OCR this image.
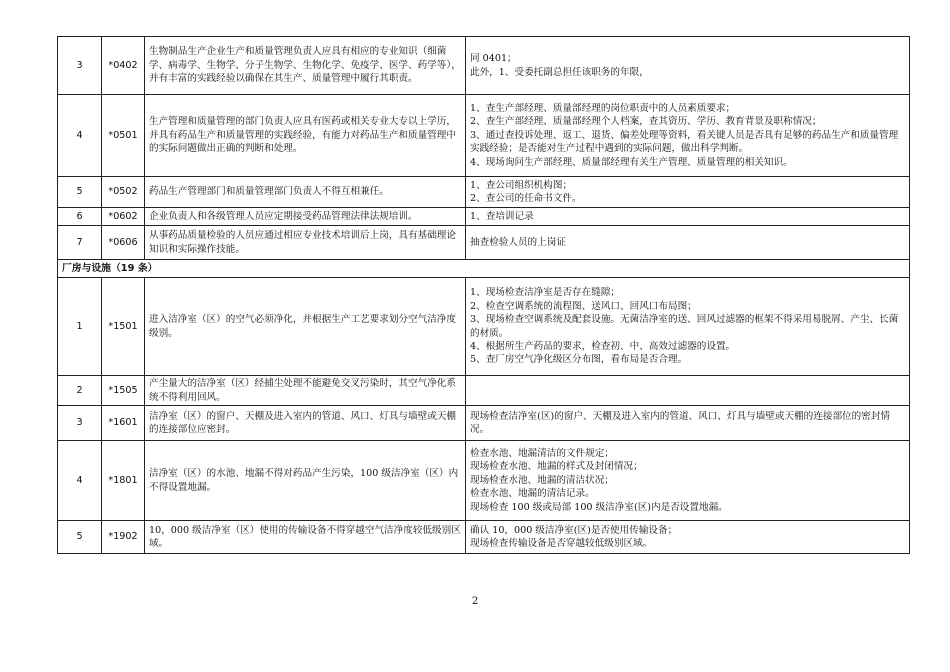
3	*0402	生物制品生产企业生产和质量管理负责人应具有相应的专业知识（细菌学、病毒学、生物学、分子生物学、生物化学、免疫学、医学、药学等），并有丰富的实践经验以确保在其生产、质量管理中履行其职责。	同 0401；
此外，1、受委托副总担任该职务的年限，

4	*0501	生产管理和质量管理的部门负责人应具有医药或相关专业大专以上学历，并具有药品生产和质量管理的实践经验，有能力对药品生产和质量管理中的实际问题做出正确的判断和处理。	1、查生产部经理、质量部经理的岗位职责中的人员素质要求；
2、查生产部经理、质量部经理个人档案，查其资历、学历、教育背景及职称情况；
3、通过查投诉处理、返工、退货、偏差处理等资料，看关键人员是否具有足够的药品生产和质量管理实践经验；是否能对生产过程中遇到的实际问题，做出科学判断。
4、现场询问生产部经理、质量部经理有关生产管理、质量管理的相关知识。

5	*0502	药品生产管理部门和质量管理部门负责人不得互相兼任。	1、查公司组织机构图；
2、查公司的任命书文件。

6	*0602	企业负责人和各级管理人员应定期接受药品管理法律法规培训。	1、查培训记录

7	*0606	从事药品质量检验的人员应通过相应专业技术培训后上岗，具有基础理论知识和实际操作技能。	抽查检验人员的上岗证

厂房与设施（19 条）			
1	*1501	进入洁净室（区）的空气必须净化，并根据生产工艺要求划分空气洁净度级别。	1、现场检查洁净室是否存在缝隙；
2、检查空调系统的流程图、送风口、回风口布局图；
3、现场检查空调系统及配套设施。无菌洁净室的送、回风过滤器的框架不得采用易脱屑、产尘、长菌的材质。
4、根据所生产药品的要求，检查初、中、高效过滤器的设置。
5、查厂房空气净化级区分布图，看布局是否合理。

2	*1505	产尘量大的洁净室（区）经捕尘处理不能避免交叉污染时，其空气净化系统不得利用回风。	
3	*1601	洁净室（区）的窗户、天棚及进入室内的管道、风口、灯具与墙壁或天棚的连接部位应密封。	现场检查洁净室(区)的窗户、天棚及进入室内的管道、风口、灯具与墙壁或天棚的连接部位的密封情况。

4	*1801	洁净室（区）的水池、地漏不得对药品产生污染，100 级洁净室（区）内不得设置地漏。	检查水池、地漏清洁的文件规定；
现场检查水池、地漏的样式及封闭情况；
现场检查水池、地漏的清洁状况；
检查水池、地漏的清洁记录。
现场检查 100 级或局部 100 级洁净室(区)内是否设置地漏。

5	*1902	10，000 级洁净室（区）使用的传输设备不得穿越空气洁净度较低级别区域。	确认 10，000 级洁净室(区)是否使用传输设备；
现场检查传输设备是否穿越较低级别区域。
2
